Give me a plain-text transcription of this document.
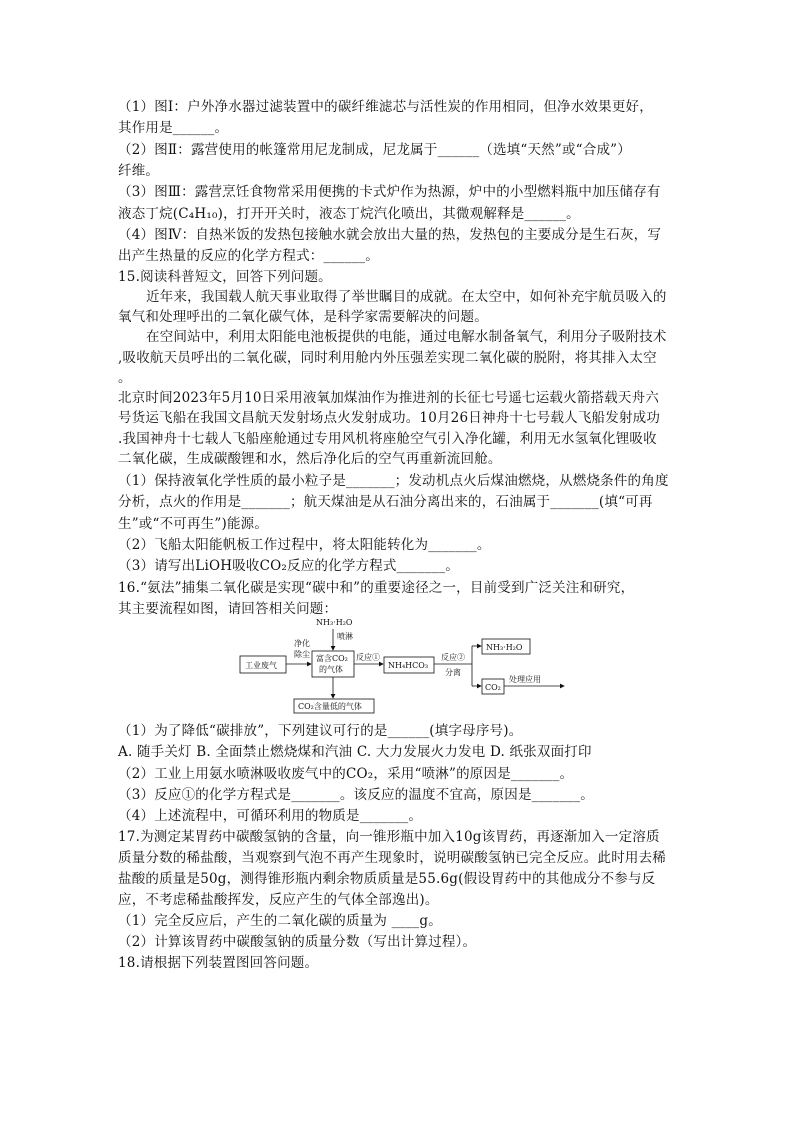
（1）图Ⅰ：户外净水器过滤装置中的碳纤维滤芯与活性炭的作用相同，但净水效果更好，
其作用是______。
（2）图Ⅱ：露营使用的帐篷常用尼龙制成，尼龙属于______（选填“天然”或“合成”）
纤维。
（3）图Ⅲ：露营烹饪食物常采用便携的卡式炉作为热源，炉中的小型燃料瓶中加压储存有
液态丁烷(C₄H₁₀)，打开开关时，液态丁烷汽化喷出，其微观解释是______。
（4）图Ⅳ：自热米饭的发热包接触水就会放出大量的热，发热包的主要成分是生石灰，写
出产生热量的反应的化学方程式：______。
15.阅读科普短文，回答下列问题。
近年来，我国载人航天事业取得了举世瞩目的成就。在太空中，如何补充宇航员吸入的
氧气和处理呼出的二氧化碳气体，是科学家需要解决的问题。
在空间站中，利用太阳能电池板提供的电能，通过电解水制备氧气，利用分子吸附技术
,吸收航天员呼出的二氧化碳，同时利用舱内外压强差实现二氧化碳的脱附，将其排入太空
。
北京时间2023年5月10日采用液氧加煤油作为推进剂的长征七号遥七运载火箭搭载天舟六
号货运飞船在我国文昌航天发射场点火发射成功。10月26日神舟十七号载人飞船发射成功
.我国神舟十七载人飞船座舱通过专用风机将座舱空气引入净化罐，利用无水氢氧化锂吸收
二氧化碳，生成碳酸锂和水，然后净化后的空气再重新流回舱。
（1）保持液氧化学性质的最小粒子是_______；发动机点火后煤油燃烧，从燃烧条件的角度
分析，点火的作用是_______；航天煤油是从石油分离出来的，石油属于_______(填“可再
生”或“不可再生”)能源。
（2）飞船太阳能帆板工作过程中，将太阳能转化为_______。
（3）请写出LiOH吸收CO₂反应的化学方程式_______。
16.“氨法”捕集二氧化碳是实现“碳中和”的重要途径之一，目前受到广泛关注和研究，
其主要流程如图，请回答相关问题：
NH₃·H₂O
喷淋
净化
除尘
工业废气
富含CO₂
的气体
反应①
NH₄HCO₃
反应②
分离
NH₃·H₂O
CO₂
处理应用
CO₂含量低的气体
（1）为了降低“碳排放”，下列建议可行的是______(填字母序号)。
A. 随手关灯 B. 全面禁止燃烧煤和汽油 C. 大力发展火力发电 D. 纸张双面打印
（2）工业上用氨水喷淋吸收废气中的CO₂，采用“喷淋”的原因是_______。
（3）反应①的化学方程式是_______。该反应的温度不宜高，原因是_______。
（4）上述流程中，可循环利用的物质是_______。
17.为测定某胃药中碳酸氢钠的含量，向一锥形瓶中加入10g该胃药，再逐渐加入一定溶质
质量分数的稀盐酸，当观察到气泡不再产生现象时，说明碳酸氢钠已完全反应。此时用去稀
盐酸的质量是50g，测得锥形瓶内剩余物质质量是55.6g(假设胃药中的其他成分不参与反
应，不考虑稀盐酸挥发，反应产生的气体全部逸出)。
（1）完全反应后，产生的二氧化碳的质量为 ____g。
（2）计算该胃药中碳酸氢钠的质量分数（写出计算过程）。
18.请根据下列装置图回答问题。
